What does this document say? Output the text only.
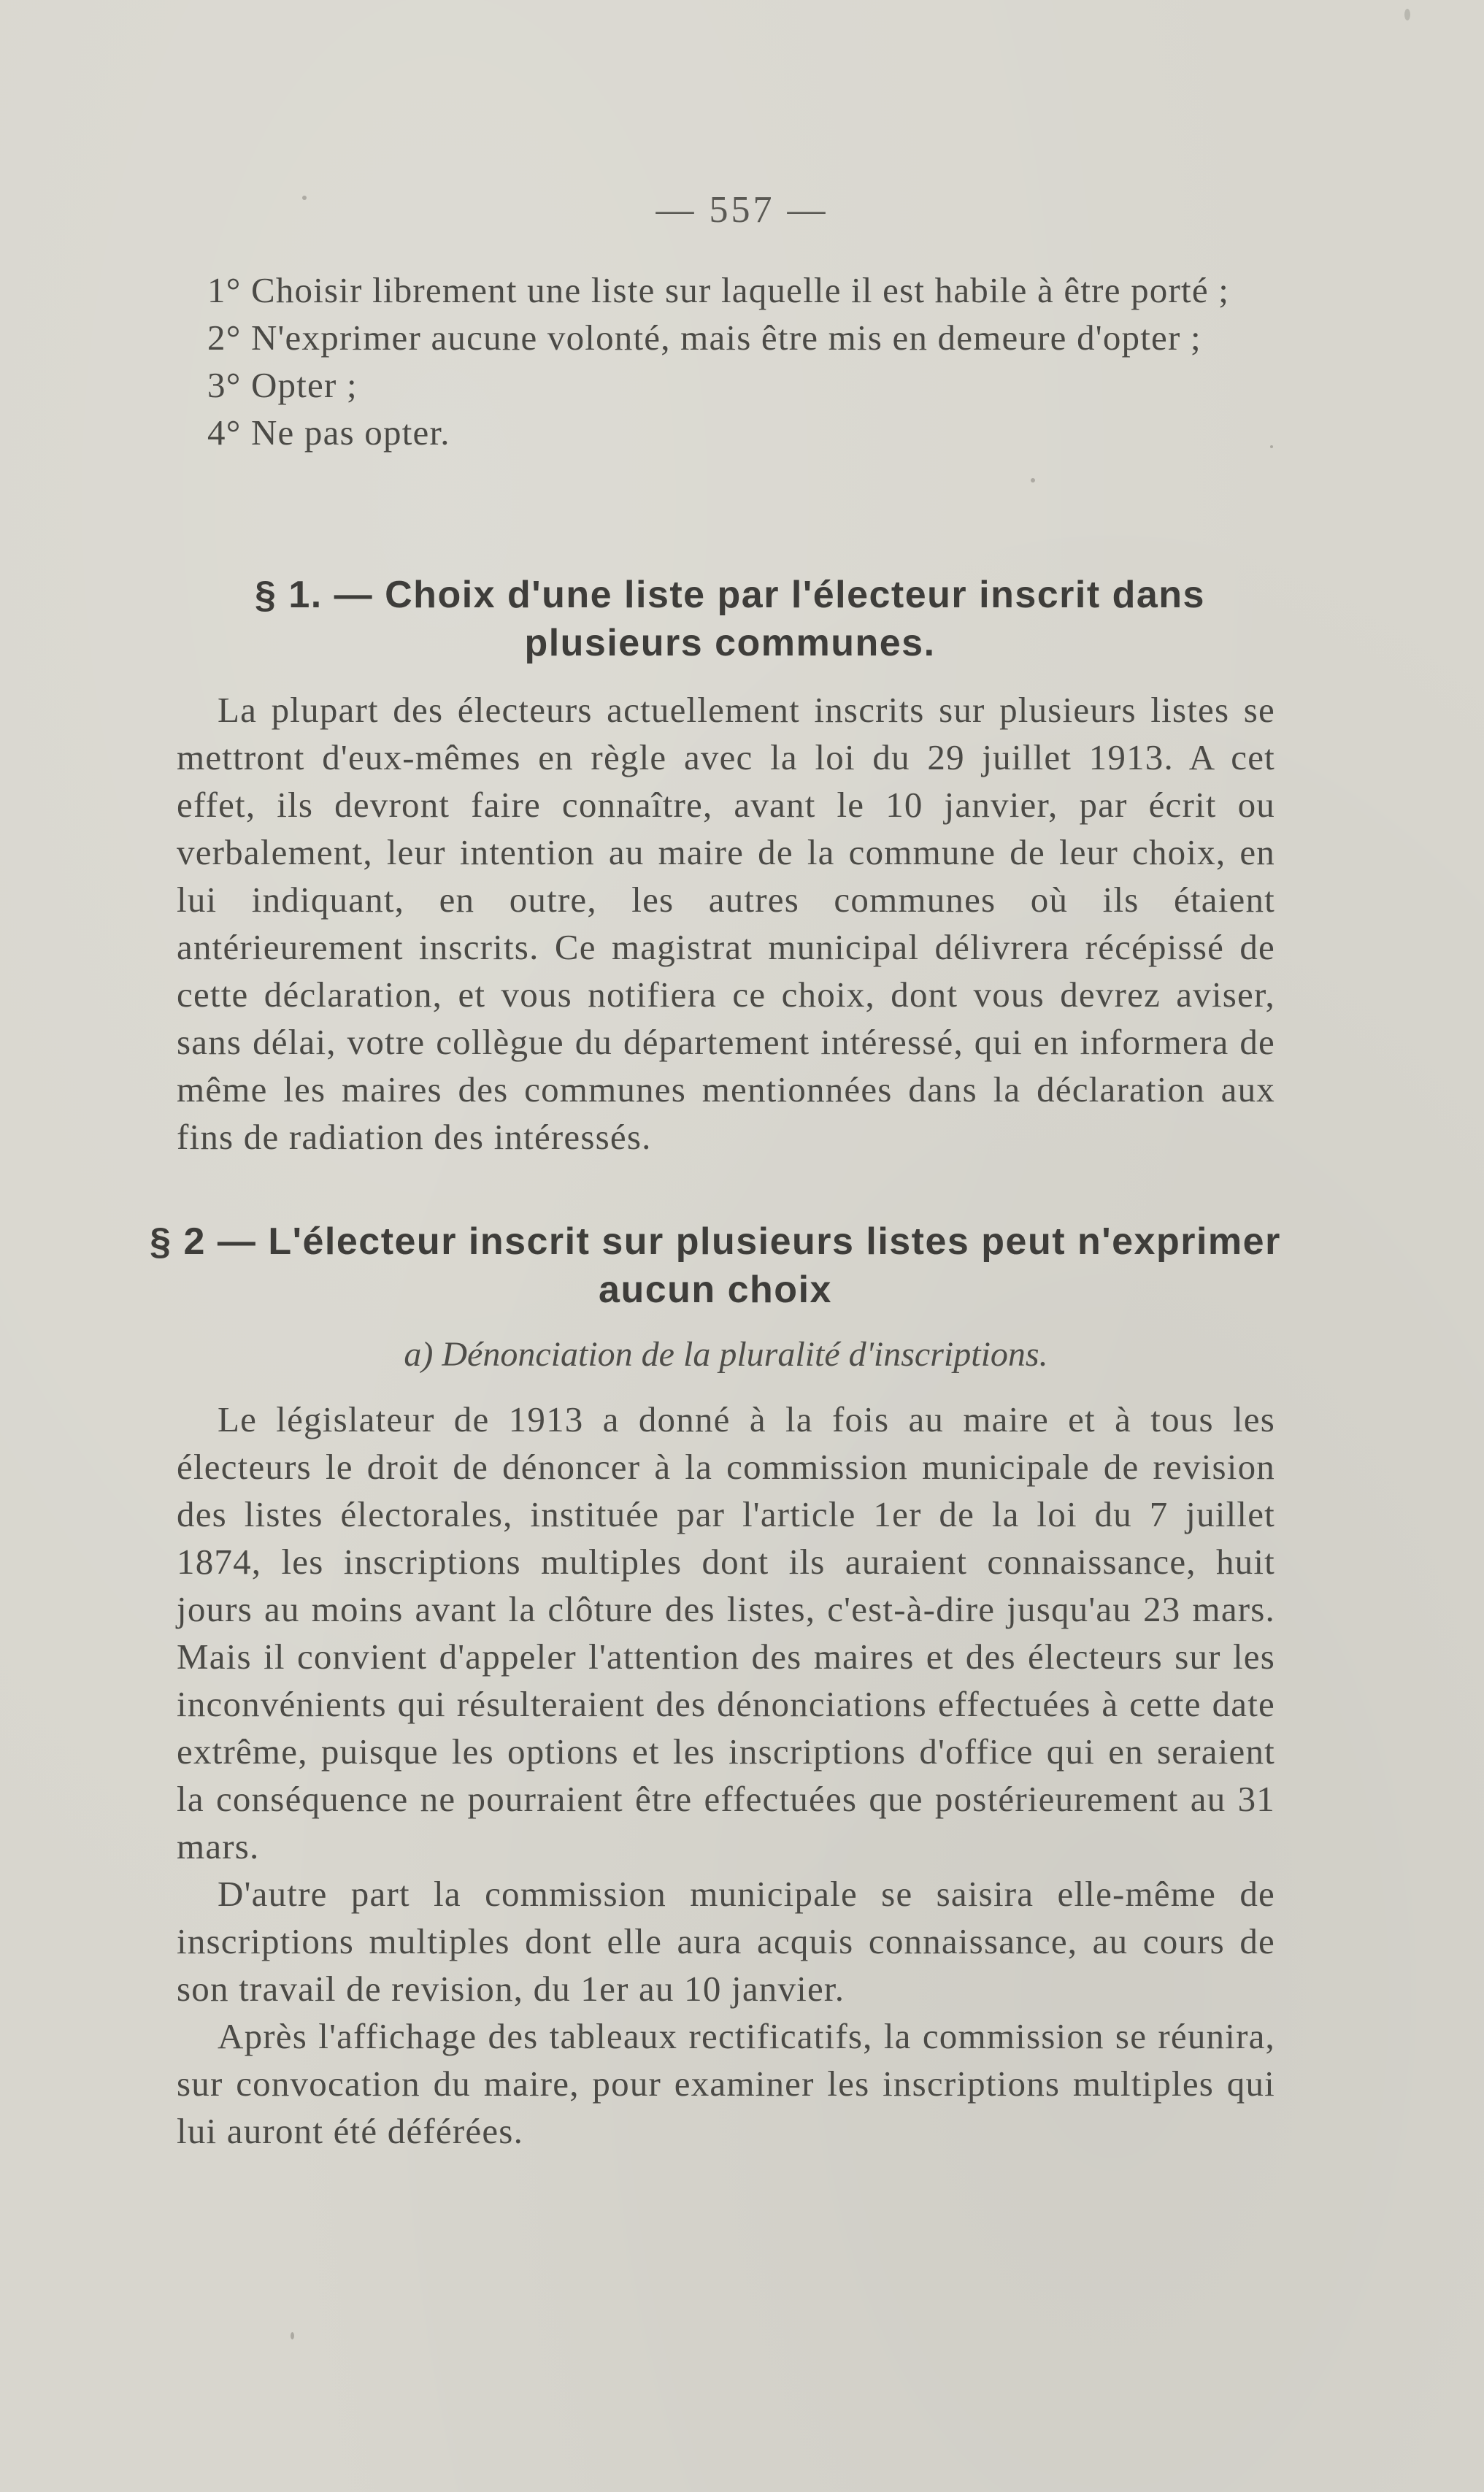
— 557 —
1° Choisir librement une liste sur laquelle il est habile à être porté ;
2° N'exprimer aucune volonté, mais être mis en demeure d'opter ;
3° Opter ;
4° Ne pas opter.
§ 1. — Choix d'une liste par l'électeur inscrit dans plusieurs communes.

La plupart des électeurs actuellement inscrits sur plusieurs listes se mettront d'eux-mêmes en règle avec la loi du 29 juillet 1913. A cet effet, ils devront faire connaître, avant le 10 janvier, par écrit ou verbalement, leur intention au maire de la commune de leur choix, en lui indiquant, en outre, les autres communes où ils étaient antérieurement inscrits. Ce magistrat municipal délivrera récépissé de cette déclaration, et vous notifiera ce choix, dont vous devrez aviser, sans délai, votre collègue du département intéressé, qui en informera de même les maires des communes mentionnées dans la déclaration aux fins de radiation des intéressés.

§ 2 — L'électeur inscrit sur plusieurs listes peut n'exprimer aucun choix
a) Dénonciation de la pluralité d'inscriptions.

Le législateur de 1913 a donné à la fois au maire et à tous les électeurs le droit de dénoncer à la commission municipale de revision des listes électorales, instituée par l'article 1er de la loi du 7 juillet 1874, les inscriptions multiples dont ils auraient connaissance, huit jours au moins avant la clôture des listes, c'est-à-dire jusqu'au 23 mars. Mais il convient d'appeler l'attention des maires et des électeurs sur les inconvénients qui résulteraient des dénonciations effectuées à cette date extrême, puisque les options et les inscriptions d'office qui en seraient la conséquence ne pourraient être effectuées que postérieurement au 31 mars.

D'autre part la commission municipale se saisira elle-même de inscriptions multiples dont elle aura acquis connaissance, au cours de son travail de revision, du 1er au 10 janvier.

Après l'affichage des tableaux rectificatifs, la commission se réunira, sur convocation du maire, pour examiner les inscriptions multiples qui lui auront été déférées.
